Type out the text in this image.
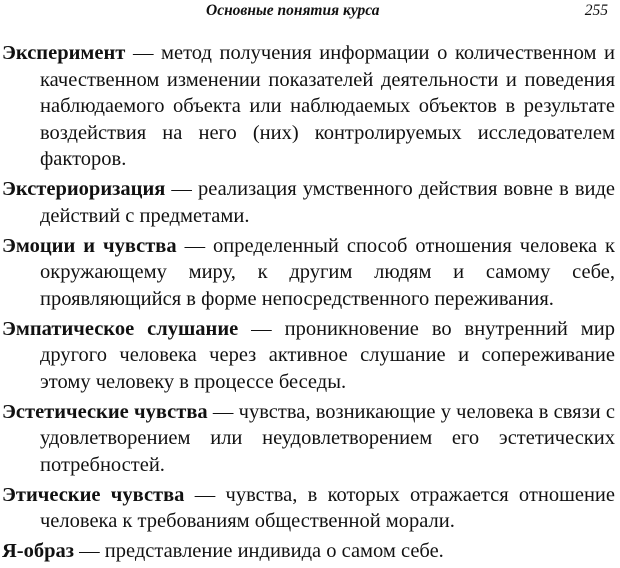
Основные понятия курса	255

Эксперимент — метод получения информации о количественном и качественном изменении показателей деятельности и поведения наблюдаемого объекта или наблюдаемых объектов в результате воздействия на него (них) контролируемых исследователем факторов.

Экстериоризация — реализация умственного действия вовне в виде действий с предметами.

Эмоции и чувства — определенный способ отношения человека к окружающему миру, к другим людям и самому себе, проявляющийся в форме непосредственного переживания.

Эмпатическое слушание — проникновение во внутренний мир другого человека через активное слушание и сопереживание этому человеку в процессе беседы.

Эстетические чувства — чувства, возникающие у человека в связи с удовлетворением или неудовлетворением его эстетических потребностей.

Этические чувства — чувства, в которых отражается отношение человека к требованиям общественной морали.

Я-образ — представление индивида о самом себе.
